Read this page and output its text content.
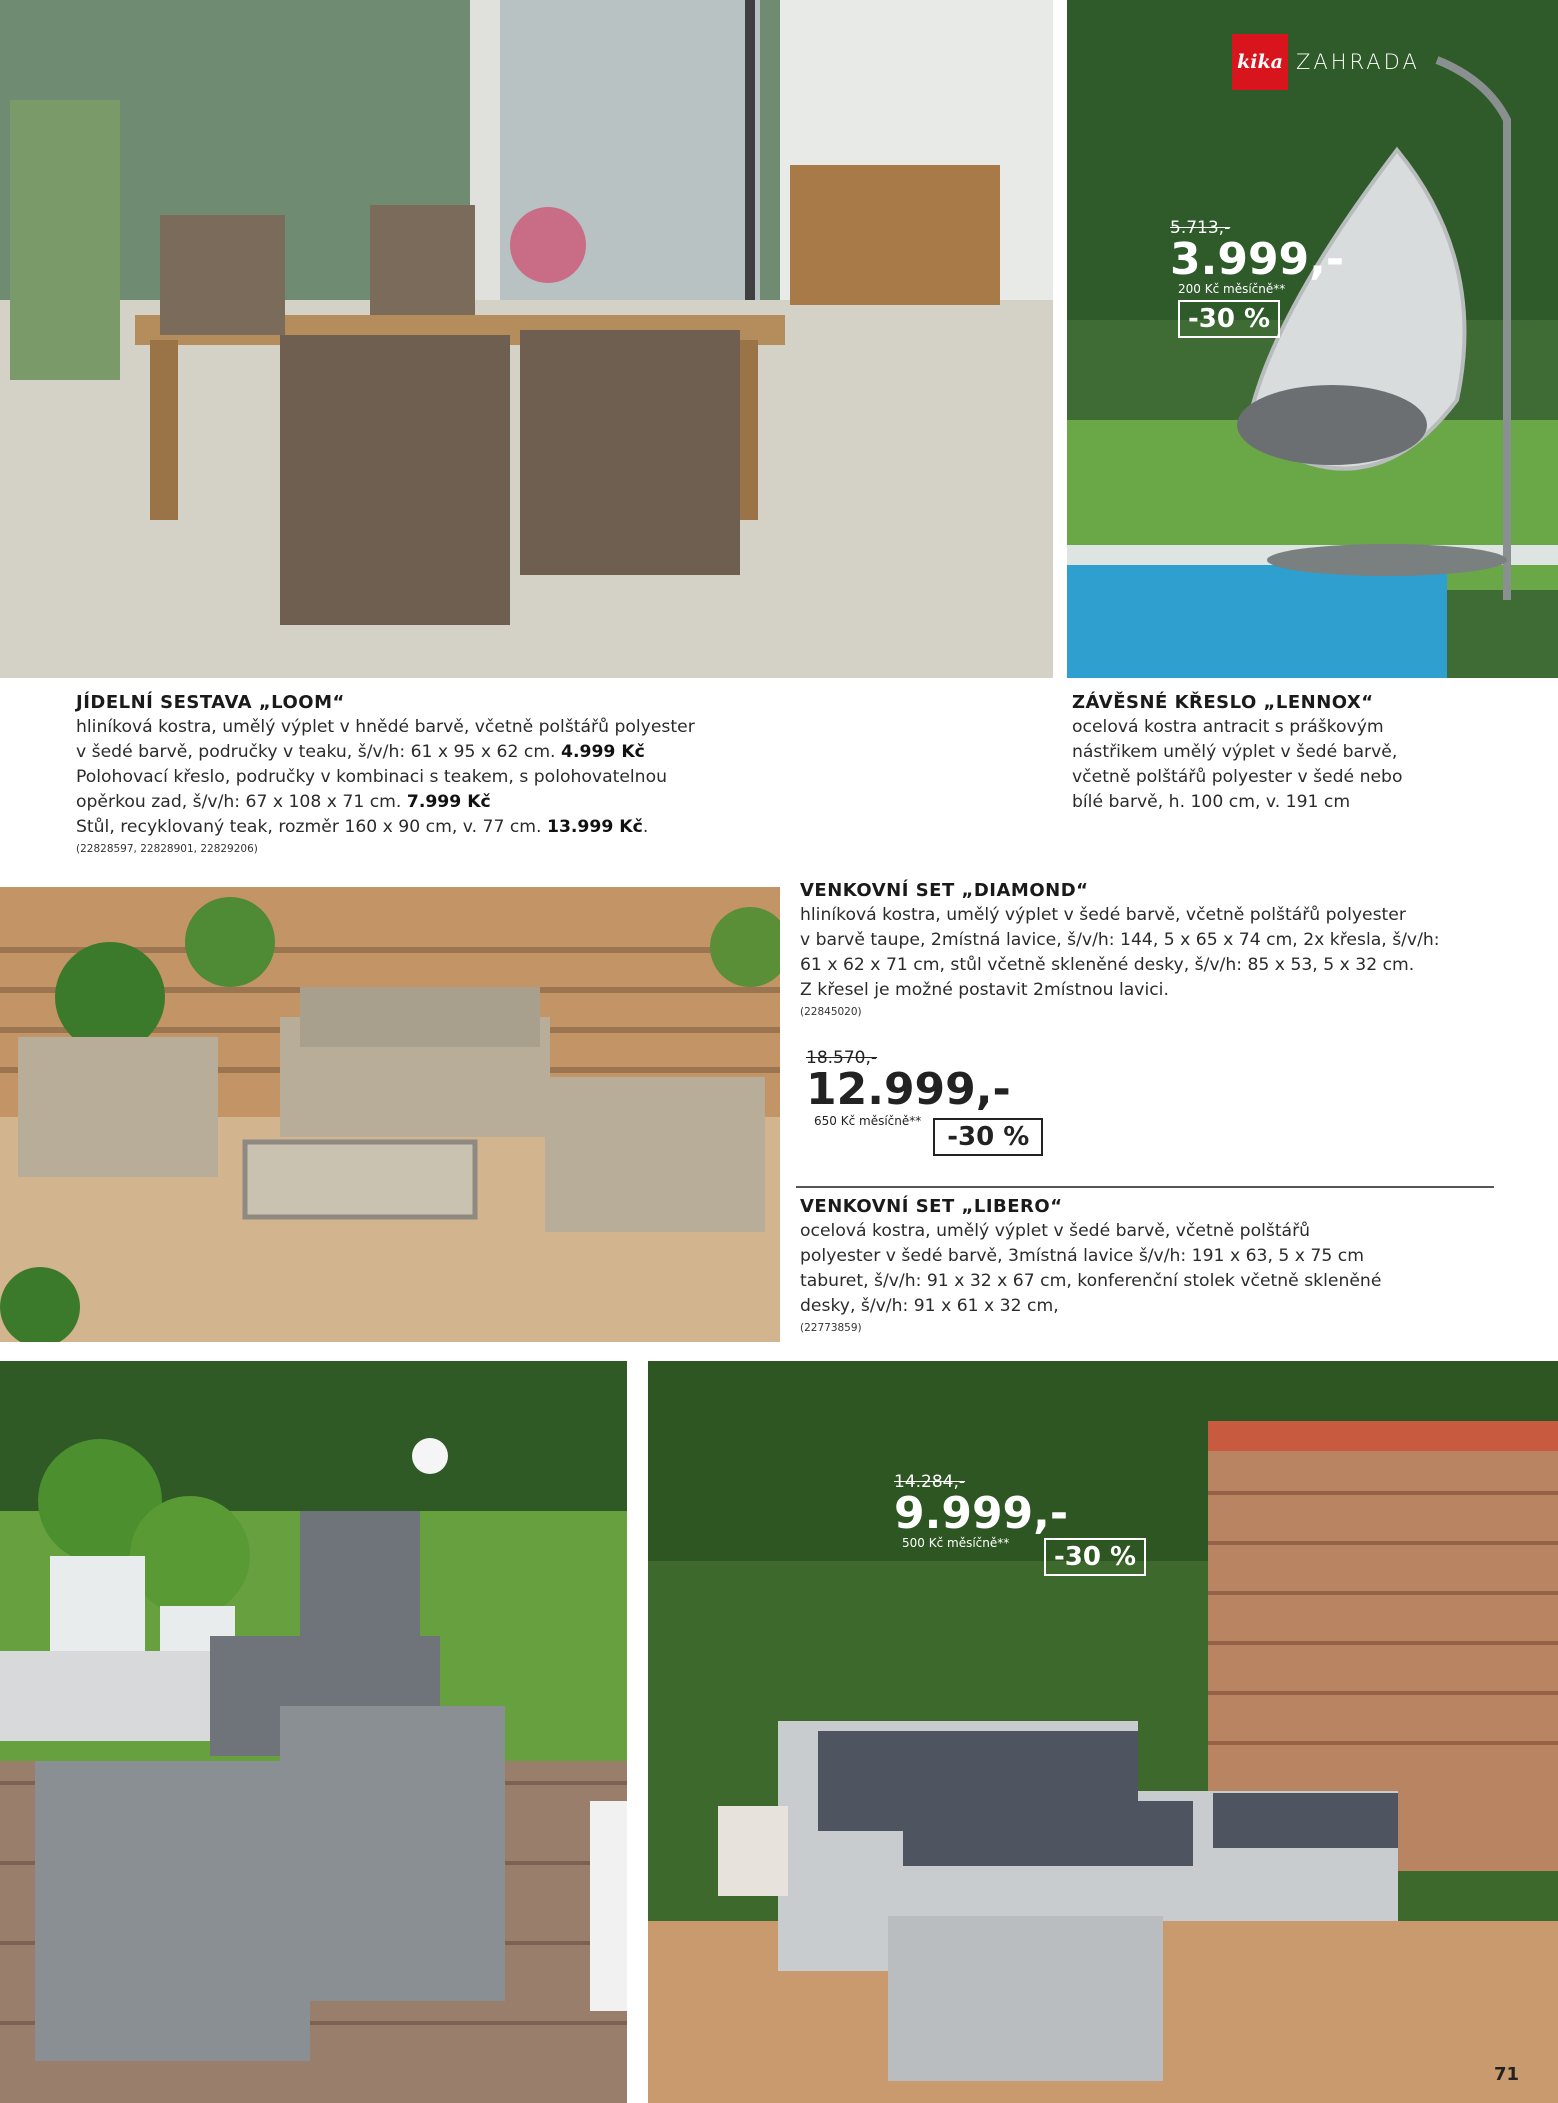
kika ZAHRADA
5.713,-
3.999,-
200 Kč měsíčně**
-30 %
JÍDELNÍ SESTAVA „LOOM“
hliníková kostra, umělý výplet v hnědé barvě, včetně polštářů polyester
v šedé barvě, područky v teaku, š/v/h: 61 x 95 x 62 cm. 4.999 Kč
Polohovací křeslo, područky v kombinaci s teakem, s polohovatelnou
opěrkou zad, š/v/h: 67 x 108 x 71 cm. 7.999 Kč
Stůl, recyklovaný teak, rozměr 160 x 90 cm, v. 77 cm. 13.999 Kč.
(22828597, 22828901, 22829206)
ZÁVĚSNÉ KŘESLO „LENNOX“
ocelová kostra antracit s práškovým
nástřikem umělý výplet v šedé barvě,
včetně polštářů polyester v šedé nebo
bílé barvě, h. 100 cm, v. 191 cm
VENKOVNÍ SET „DIAMOND“
hliníková kostra, umělý výplet v šedé barvě, včetně polštářů polyester
v barvě taupe, 2místná lavice, š/v/h: 144, 5 x 65 x 74 cm, 2x křesla, š/v/h:
61 x 62 x 71 cm, stůl včetně skleněné desky, š/v/h: 85 x 53, 5 x 32 cm.
Z křesel je možné postavit 2místnou lavici.
(22845020)
18.570,-
12.999,-
650 Kč měsíčně**
-30 %
VENKOVNÍ SET „LIBERO“
ocelová kostra, umělý výplet v šedé barvě, včetně polštářů
polyester v šedé barvě, 3místná lavice š/v/h: 191 x 63, 5 x 75 cm
taburet, š/v/h: 91 x 32 x 67 cm, konferenční stolek včetně skleněné
desky, š/v/h: 91 x 61 x 32 cm,
(22773859)
14.284,-
9.999,-
500 Kč měsíčně**	-30 %
71
